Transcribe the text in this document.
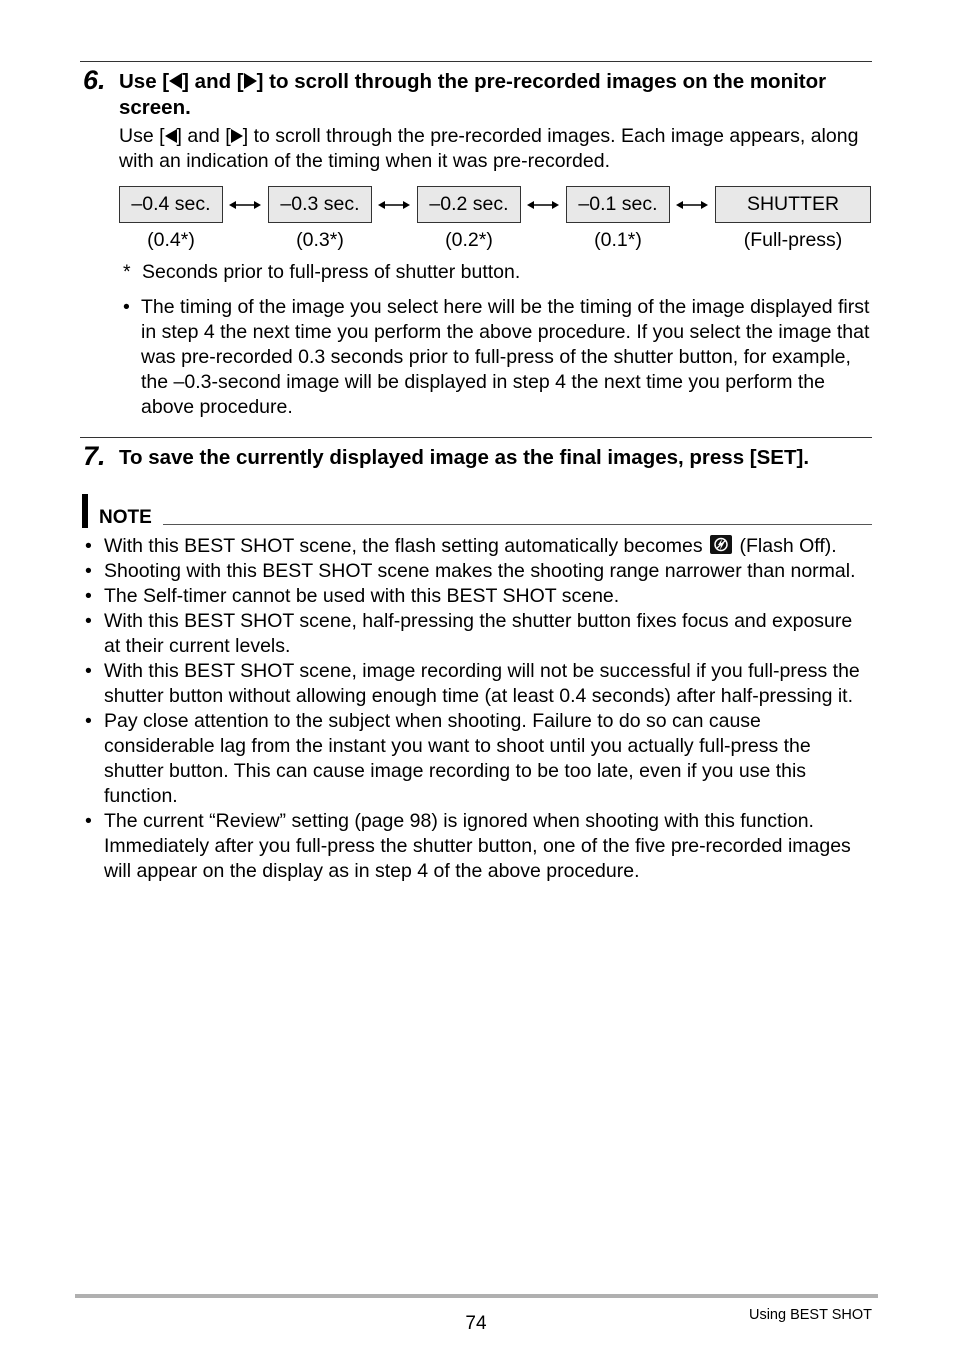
6. Use [ ] and [ ] to scroll through the pre-recorded images on the monitor screen.
Use [ ] and [ ] to scroll through the pre-recorded images. Each image appears, along with an indication of the timing when it was pre-recorded.
–0.4 sec.	–0.3 sec.	–0.2 sec.	–0.1 sec.	SHUTTER
(0.4*)	(0.3*)	(0.2*)	(0.1*)	(Full-press)
* Seconds prior to full-press of shutter button.
• The timing of the image you select here will be the timing of the image displayed first in step 4 the next time you perform the above procedure. If you select the image that was pre-recorded 0.3 seconds prior to full-press of the shutter button, for example, the –0.3-second image will be displayed in step 4 the next time you perform the above procedure.
7. To save the currently displayed image as the final images, press [SET].
NOTE
• With this BEST SHOT scene, the flash setting automatically becomes (Flash Off).
• Shooting with this BEST SHOT scene makes the shooting range narrower than normal.
• The Self-timer cannot be used with this BEST SHOT scene.
• With this BEST SHOT scene, half-pressing the shutter button fixes focus and exposure at their current levels.
• With this BEST SHOT scene, image recording will not be successful if you full-press the shutter button without allowing enough time (at least 0.4 seconds) after half-pressing it.
• Pay close attention to the subject when shooting. Failure to do so can cause considerable lag from the instant you want to shoot until you actually full-press the shutter button. This can cause image recording to be too late, even if you use this function.
• The current “Review” setting (page 98) is ignored when shooting with this function. Immediately after you full-press the shutter button, one of the five pre-recorded images will appear on the display as in step 4 of the above procedure.
74	Using BEST SHOT
